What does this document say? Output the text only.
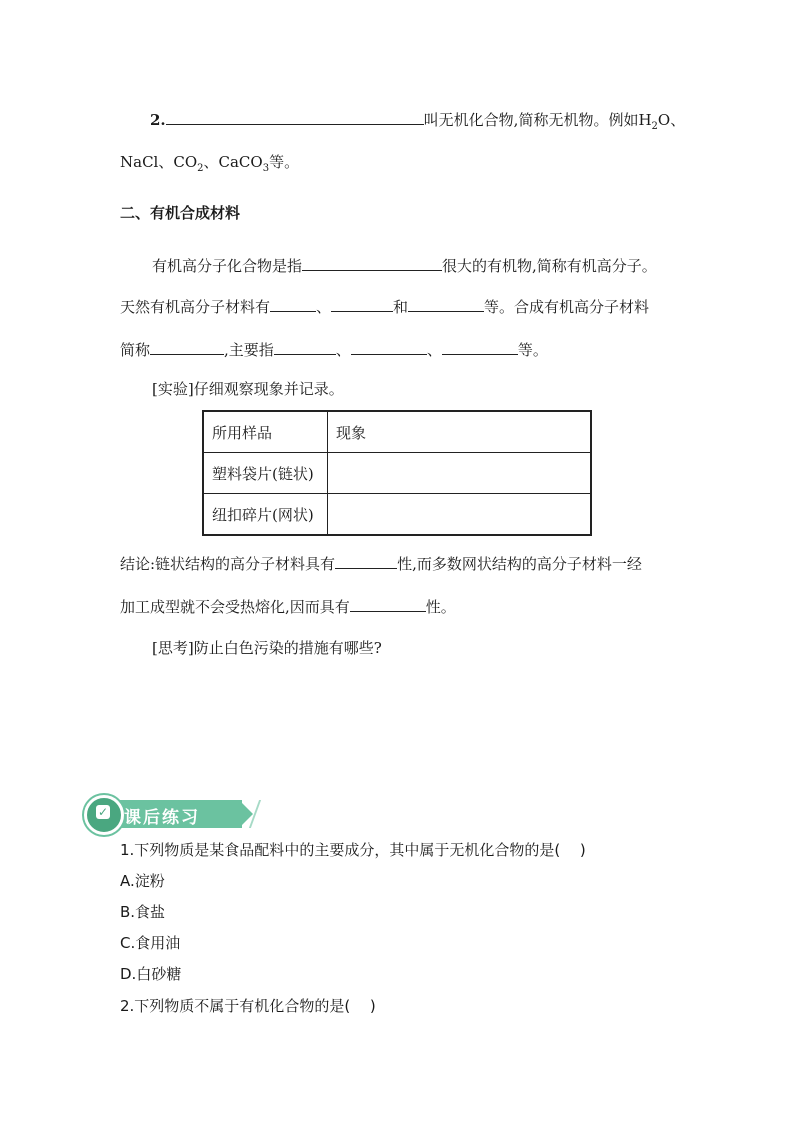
2.	叫无机化合物,简称无机物。例如$H_2O$、
NaCl、$CO_2$、CaCO$_3$等。
二、有机合成材料
有机高分子化合物是指	很大的有机物,简称有机高分子。
天然有机高分子材料有	、	和	等。合成有机高分子材料
简称	,主要指	、	、	等。
[实验]仔细观察现象并记录。
所用样品	现象
塑料袋片(链状)	
纽扣碎片(网状)	
结论:链状结构的高分子材料具有	性,而多数网状结构的高分子材料一经
加工成型就不会受热熔化,因而具有	性。
[思考]防止白色污染的措施有哪些?
✓ 课后练习
1.下列物质是某食品配料中的主要成分，其中属于无机化合物的是(　 )
A.淀粉
B.食盐
C.食用油
D.白砂糖
2.下列物质不属于有机化合物的是(　 )
